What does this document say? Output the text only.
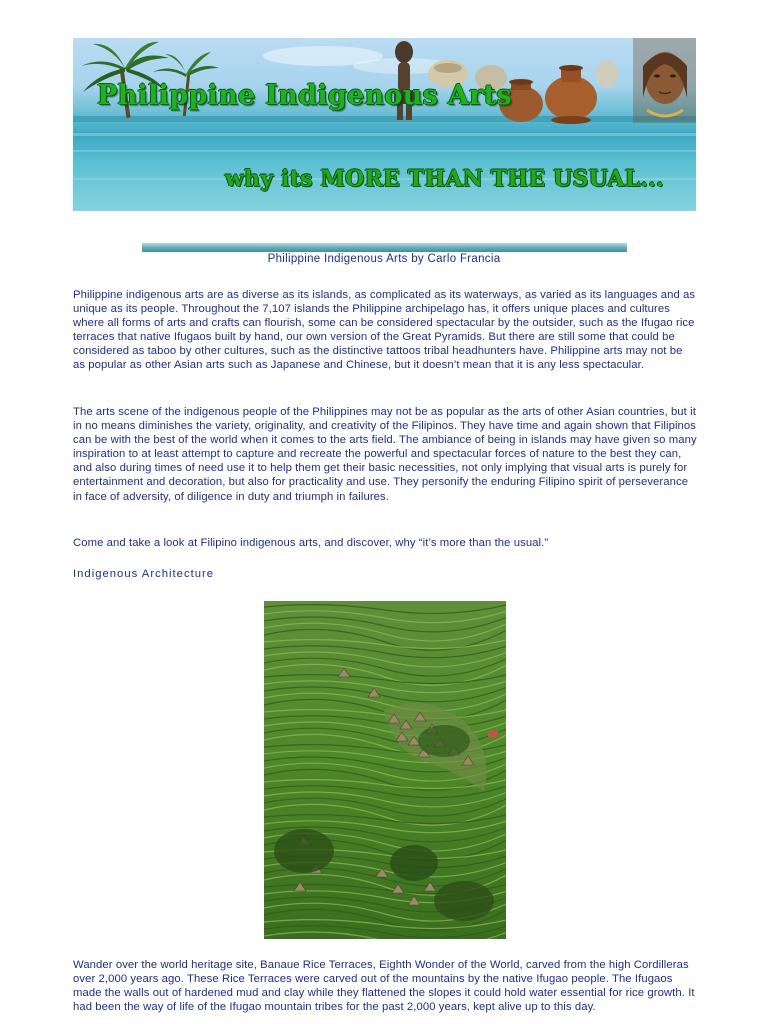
Philippine Indigenous Arts
why its MORE THAN THE USUAL...
Philippine Indigenous Arts by Carlo Francia

Philippine indigenous arts are as diverse as its islands, as complicated as its waterways, as varied as its languages and as unique as its people. Throughout the 7,107 islands the Philippine archipelago has, it offers unique places and cultures where all forms of arts and crafts can flourish, some can be considered spectacular by the outsider, such as the Ifugao rice terraces that native Ifugaos built by hand, our own version of the Great Pyramids. But there are still some that could be considered as taboo by other cultures, such as the distinctive tattoos tribal headhunters have. Philippine arts may not be as popular as other Asian arts such as Japanese and Chinese, but it doesn’t mean that it is any less spectacular.

The arts scene of the indigenous people of the Philippines may not be as popular as the arts of other Asian countries, but it in no means diminishes the variety, originality, and creativity of the Filipinos. They have time and again shown that Filipinos can be with the best of the world when it comes to the arts field. The ambiance of being in islands may have given so many inspiration to at least attempt to capture and recreate the powerful and spectacular forces of nature to the best they can, and also during times of need use it to help them get their basic necessities, not only implying that visual arts is purely for entertainment and decoration, but also for practicality and use. They personify the enduring Filipino spirit of perseverance in face of adversity, of diligence in duty and triumph in failures.

Come and take a look at Filipino indigenous arts, and discover, why “it’s more than the usual.”

Indigenous Architecture

Wander over the world heritage site, Banaue Rice Terraces, Eighth Wonder of the World, carved from the high Cordilleras over 2,000 years ago. These Rice Terraces were carved out of the mountains by the native Ifugao people. The Ifugaos made the walls out of hardened mud and clay while they flattened the slopes it could hold water essential for rice growth. It had been the way of life of the Ifugao mountain tribes for the past 2,000 years, kept alive up to this day.
